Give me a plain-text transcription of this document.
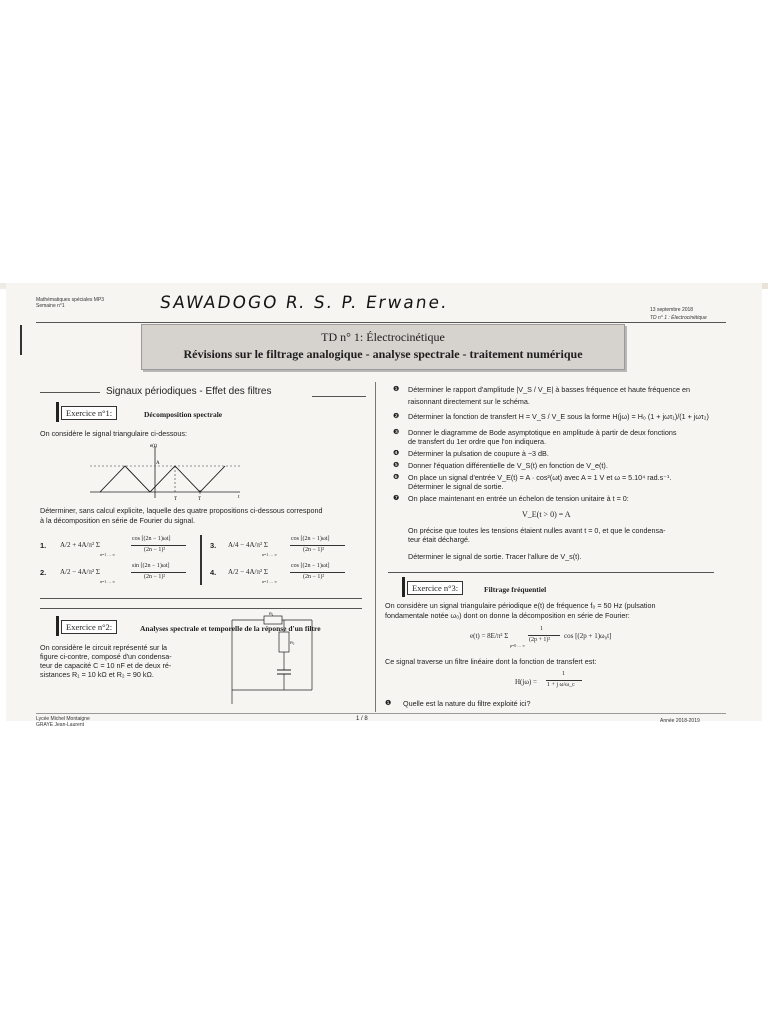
Mathématiques spéciales MP3
Semaine n°1	SAWADOGO R. S. P. Erwane.	13 septembre 2018
TD n° 1 : Électrocinétique
TD n° 1: Électrocinétique
Révisions sur le filtrage analogique - analyse spectrale - traitement numérique
Signaux périodiques - Effet des filtres
Exercice n°1:	Décomposition spectrale
On considère le signal triangulaire ci-dessous:
e(t)
A
T	T	t
Déterminer, sans calcul explicite, laquelle des quatre propositions ci-dessous correspond
à la décomposition en série de Fourier du signal.
1. A/2 + 4A/π² Σ
cos [(2n − 1)ωt]
(2n − 1)²
n=1 … ∞
2. A/2 − 4A/π² Σ
sin [(2n − 1)ωt]
(2n − 1)²
n=1 … ∞
3. A/4 − 4A/π² Σ
cos [(2n − 1)ωt]
(2n − 1)²
n=1 … ∞
4. A/2 − 4A/π² Σ
cos [(2n − 1)ωt]
(2n − 1)²
n=1 … ∞
Exercice n°2:	Analyses spectrale et temporelle de la réponse d'un filtre
On considère le circuit représenté sur la
figure ci-contre, composé d'un condensa-
teur de capacité C = 10 nF et de deux ré-
sistances R₁ = 10 kΩ et R₂ = 90 kΩ.
R₁
R₂
❶ Déterminer le rapport d'amplitude |V_S / V_E| à basses fréquence et haute fréquence en
raisonnant directement sur le schéma.
❷ Déterminer la fonction de transfert H = V_S / V_E sous la forme H(jω) = H₀ (1 + jωτ₁)/(1 + jωτ₂)
❸ Donner le diagramme de Bode asymptotique en amplitude à partir de deux fonctions
de transfert du 1er ordre que l'on indiquera.
❹ Déterminer la pulsation de coupure à −3 dB.
❺ Donner l'équation différentielle de V_S(t) en fonction de V_e(t).
❻ On place un signal d'entrée V_E(t) = A · cos²(ωt) avec A = 1 V et ω = 5.10⁴ rad.s⁻¹.
Déterminer le signal de sortie.
❼ On place maintenant en entrée un échelon de tension unitaire à t = 0:
V_E(t > 0) = A
On précise que toutes les tensions étaient nulles avant t = 0, et que le condensa-
teur était déchargé.
Déterminer le signal de sortie. Tracer l'allure de V_s(t).
Exercice n°3:	Filtrage fréquentiel
On considère un signal triangulaire périodique e(t) de fréquence f₀ = 50 Hz (pulsation
fondamentale notée ω₀) dont on donne la décomposition en série de Fourier:
e(t) = 8E/π² Σ
1
(2p + 1)² cos [(2p + 1)ω₀t]
p=0 … ∞
Ce signal traverse un filtre linéaire dont la fonction de transfert est:
H(jω) =
1
1 + j ω/ω_c
❶ Quelle est la nature du filtre exploité ici?
Lycée Michel Montaigne
GRAYE Jean-Laurent
1 / 8	Année 2018-2019
